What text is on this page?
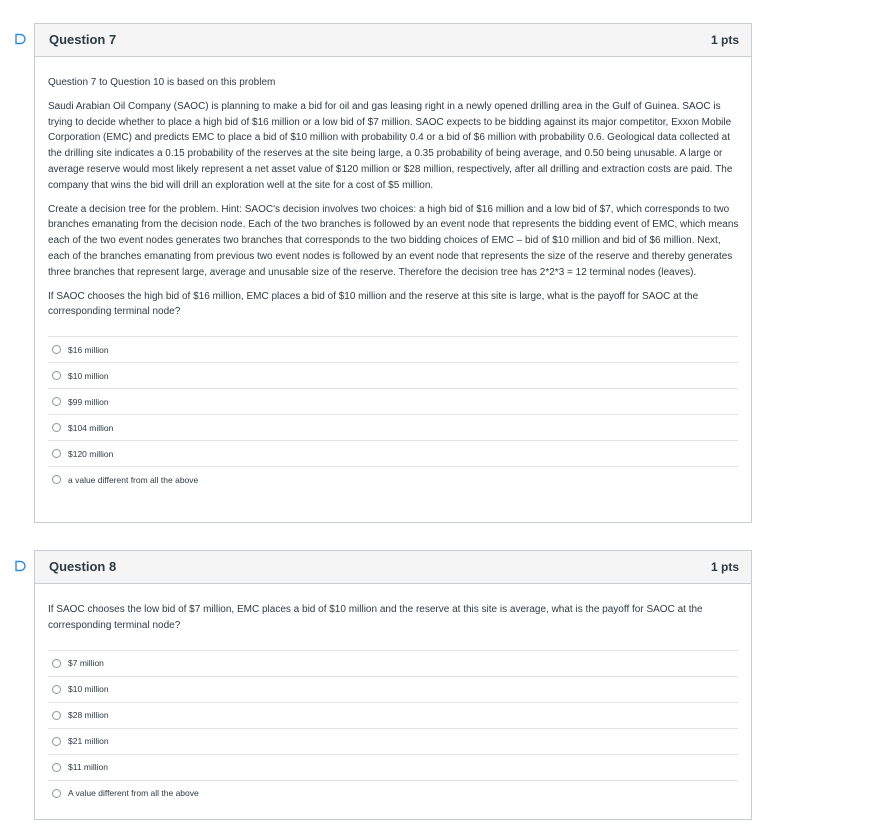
Question 7	1 pts

Question 7 to Question 10 is based on this problem

Saudi Arabian Oil Company (SAOC) is planning to make a bid for oil and gas leasing right in a newly opened drilling area in the Gulf of Guinea. SAOC is trying to decide whether to place a high bid of $16 million or a low bid of $7 million. SAOC expects to be bidding against its major competitor, Exxon Mobile Corporation (EMC) and predicts EMC to place a bid of $10 million with probability 0.4 or a bid of $6 million with probability 0.6. Geological data collected at the drilling site indicates a 0.15 probability of the reserves at the site being large, a 0.35 probability of being average, and 0.50 being unusable. A large or average reserve would most likely represent a net asset value of $120 million or $28 million, respectively, after all drilling and extraction costs are paid. The company that wins the bid will drill an exploration well at the site for a cost of $5 million.

Create a decision tree for the problem. Hint: SAOC's decision involves two choices: a high bid of $16 million and a low bid of $7, which corresponds to two branches emanating from the decision node. Each of the two branches is followed by an event node that represents the bidding event of EMC, which means each of the two event nodes generates two branches that corresponds to the two bidding choices of EMC – bid of $10 million and bid of $6 million. Next, each of the branches emanating from previous two event nodes is followed by an event node that represents the size of the reserve and thereby generates three branches that represent large, average and unusable size of the reserve. Therefore the decision tree has 2*2*3 = 12 terminal nodes (leaves).

If SAOC chooses the high bid of $16 million, EMC places a bid of $10 million and the reserve at this site is large, what is the payoff for SAOC at the corresponding terminal node?

$16 million
$10 million
$99 million
$104 million
$120 million
a value different from all the above
Question 8	1 pts

If SAOC chooses the low bid of $7 million, EMC places a bid of $10 million and the reserve at this site is average, what is the payoff for SAOC at the corresponding terminal node?

$7 million
$10 million
$28 million
$21 million
$11 million
A value different from all the above
